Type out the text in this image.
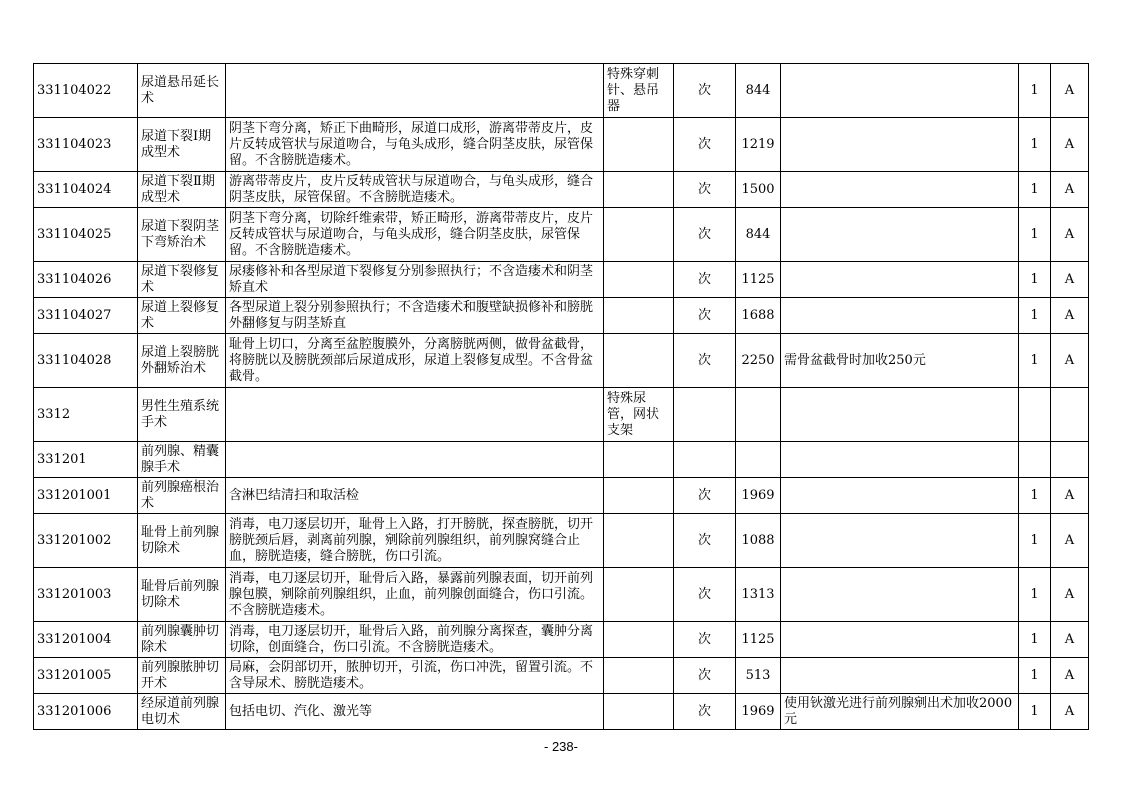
331104022	尿道悬吊延长术		特殊穿刺针、悬吊器	次	844		1	A
331104023	尿道下裂Ⅰ期成型术	阴茎下弯分离，矫正下曲畸形，尿道口成形，游离带蒂皮片，皮片反转成管状与尿道吻合，与龟头成形，缝合阴茎皮肤，尿管保留。不含膀胱造瘘术。		次	1219		1	A
331104024	尿道下裂Ⅱ期成型术	游离带蒂皮片，皮片反转成管状与尿道吻合，与龟头成形，缝合阴茎皮肤，尿管保留。不含膀胱造瘘术。		次	1500		1	A
331104025	尿道下裂阴茎下弯矫治术	阴茎下弯分离，切除纤维索带，矫正畸形，游离带蒂皮片，皮片反转成管状与尿道吻合，与龟头成形，缝合阴茎皮肤，尿管保留。不含膀胱造瘘术。		次	844		1	A
331104026	尿道下裂修复术	尿瘘修补和各型尿道下裂修复分别参照执行；不含造瘘术和阴茎矫直术		次	1125		1	A
331104027	尿道上裂修复术	各型尿道上裂分别参照执行；不含造瘘术和腹壁缺损修补和膀胱外翻修复与阴茎矫直		次	1688		1	A
331104028	尿道上裂膀胱外翻矫治术	耻骨上切口，分离至盆腔腹膜外，分离膀胱两侧，做骨盆截骨，将膀胱以及膀胱颈部后尿道成形，尿道上裂修复成型。不含骨盆截骨。		次	2250	需骨盆截骨时加收250元	1	A
3312	男性生殖系统手术		特殊尿管，网状支架					
331201	前列腺、精囊腺手术							
331201001	前列腺癌根治术	含淋巴结清扫和取活检		次	1969		1	A
331201002	耻骨上前列腺切除术	消毒，电刀逐层切开，耻骨上入路，打开膀胱，探查膀胱，切开膀胱颈后唇，剥离前列腺，剜除前列腺组织，前列腺窝缝合止血，膀胱造瘘，缝合膀胱，伤口引流。		次	1088		1	A
331201003	耻骨后前列腺切除术	消毒，电刀逐层切开，耻骨后入路，暴露前列腺表面，切开前列腺包膜，剜除前列腺组织，止血，前列腺创面缝合，伤口引流。不含膀胱造瘘术。		次	1313		1	A
331201004	前列腺囊肿切除术	消毒，电刀逐层切开，耻骨后入路，前列腺分离探查，囊肿分离切除，创面缝合，伤口引流。不含膀胱造瘘术。		次	1125		1	A
331201005	前列腺脓肿切开术	局麻，会阴部切开，脓肿切开，引流，伤口冲洗，留置引流。不含导尿术、膀胱造瘘术。		次	513		1	A
331201006	经尿道前列腺电切术	包括电切、汽化、激光等		次	1969	使用钬激光进行前列腺剜出术加收2000元	1	A
- 238-
